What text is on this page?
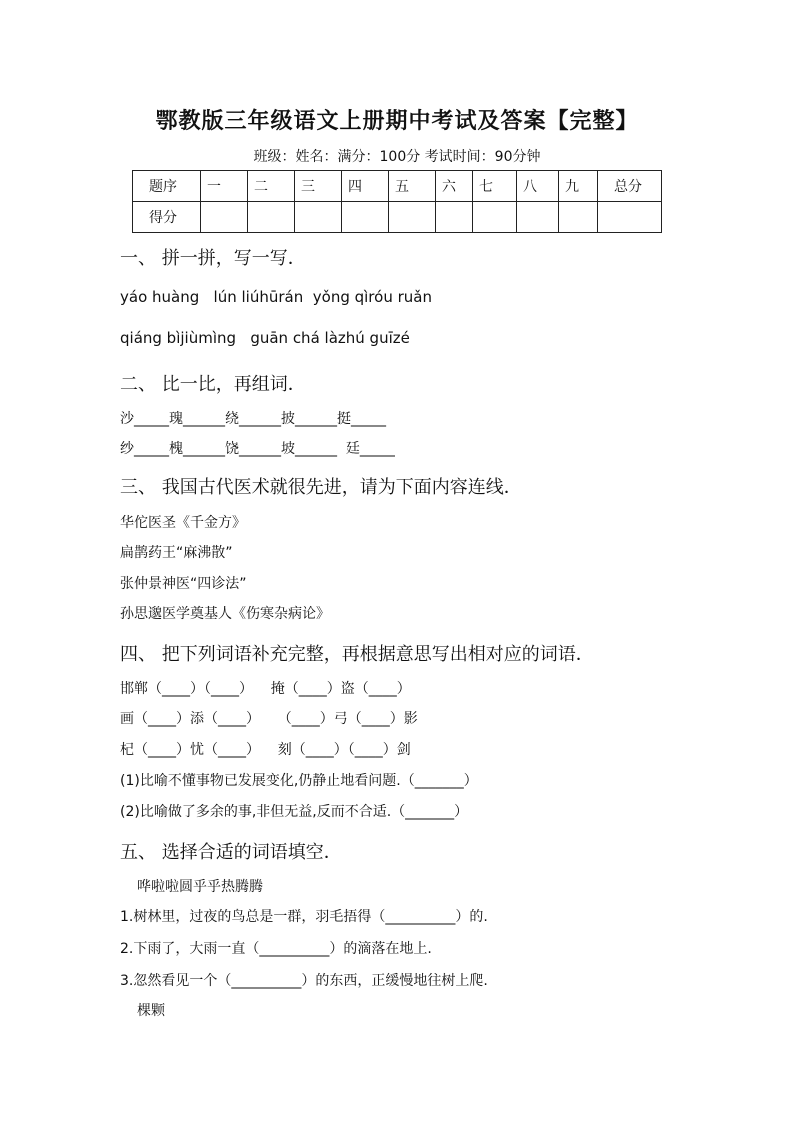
鄂教版三年级语文上册期中考试及答案【完整】
班级：姓名：满分：100分 考试时间：90分钟
题序	一	二	三	四	五	六	七	八	九	总分
得分										
一、 拼一拼，写一写．
yáo huàng   lún liúhūrán  yǒng qìróu ruǎn
qiáng bìjiùmìng   guān chá làzhú guīzé
二、 比一比，再组词．
沙_____瑰______绕______披______挺_____
纱_____槐______饶______坡______  廷_____
三、 我国古代医术就很先进，请为下面内容连线．
华佗医圣《千金方》
扁鹊药王“麻沸散”
张仲景神医“四诊法”
孙思邈医学奠基人《伤寒杂病论》
四、 把下列词语补充完整，再根据意思写出相对应的词语．
邯郸（____）（____）    掩（____）盗（____）
画（____）添（____）    （____）弓（____）影
杞（____）忧（____）    刻（____）（____）剑
(1)比喻不懂事物已发展变化,仍静止地看问题.（_______）
(2)比喻做了多余的事,非但无益,反而不合适.（_______）
五、 选择合适的词语填空．
哗啦啦圆乎乎热腾腾
1.树林里，过夜的鸟总是一群，羽毛捂得（__________）的.
2.下雨了，大雨一直（__________）的滴落在地上.
3.忽然看见一个（__________）的东西，正缓慢地往树上爬.
棵颗
